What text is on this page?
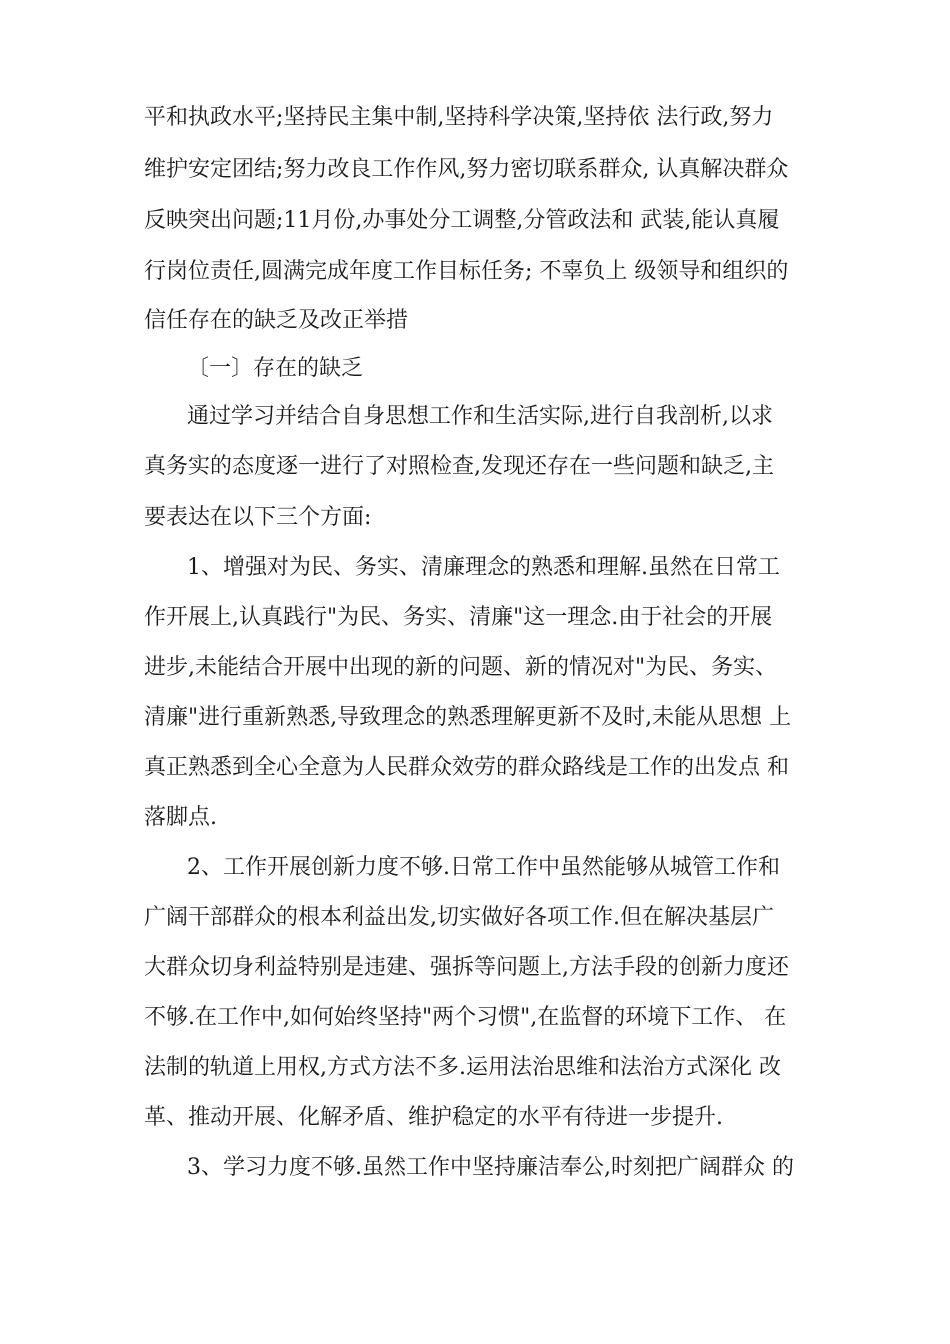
平和执政水平;坚持民主集中制,坚持科学决策,坚持依 法行政,努力
维护安定团结;努力改良工作作风,努力密切联系群众, 认真解决群众
反映突出问题;11月份,办事处分工调整,分管政法和 武装,能认真履
行岗位责任,圆满完成年度工作目标任务; 不辜负上 级领导和组织的
信任存在的缺乏及改正举措
〔一〕存在的缺乏
通过学习并结合自身思想工作和生活实际,进行自我剖析,以求
真务实的态度逐一进行了对照检查,发现还存在一些问题和缺乏,主
要表达在以下三个方面:
1、增强对为民、务实、清廉理念的熟悉和理解.虽然在日常工
作开展上,认真践行"为民、务实、清廉"这一理念.由于社会的开展
进步,未能结合开展中出现的新的问题、新的情况对"为民、务实、
清廉"进行重新熟悉,导致理念的熟悉理解更新不及时,未能从思想 上
真正熟悉到全心全意为人民群众效劳的群众路线是工作的出发点 和
落脚点.
2、工作开展创新力度不够.日常工作中虽然能够从城管工作和
广阔干部群众的根本利益出发,切实做好各项工作.但在解决基层广
大群众切身利益特别是违建、强拆等问题上,方法手段的创新力度还
不够.在工作中,如何始终坚持"两个习惯",在监督的环境下工作、 在
法制的轨道上用权,方式方法不多.运用法治思维和法治方式深化 改
革、推动开展、化解矛盾、维护稳定的水平有待进一步提升.
3、学习力度不够.虽然工作中坚持廉洁奉公,时刻把广阔群众 的
